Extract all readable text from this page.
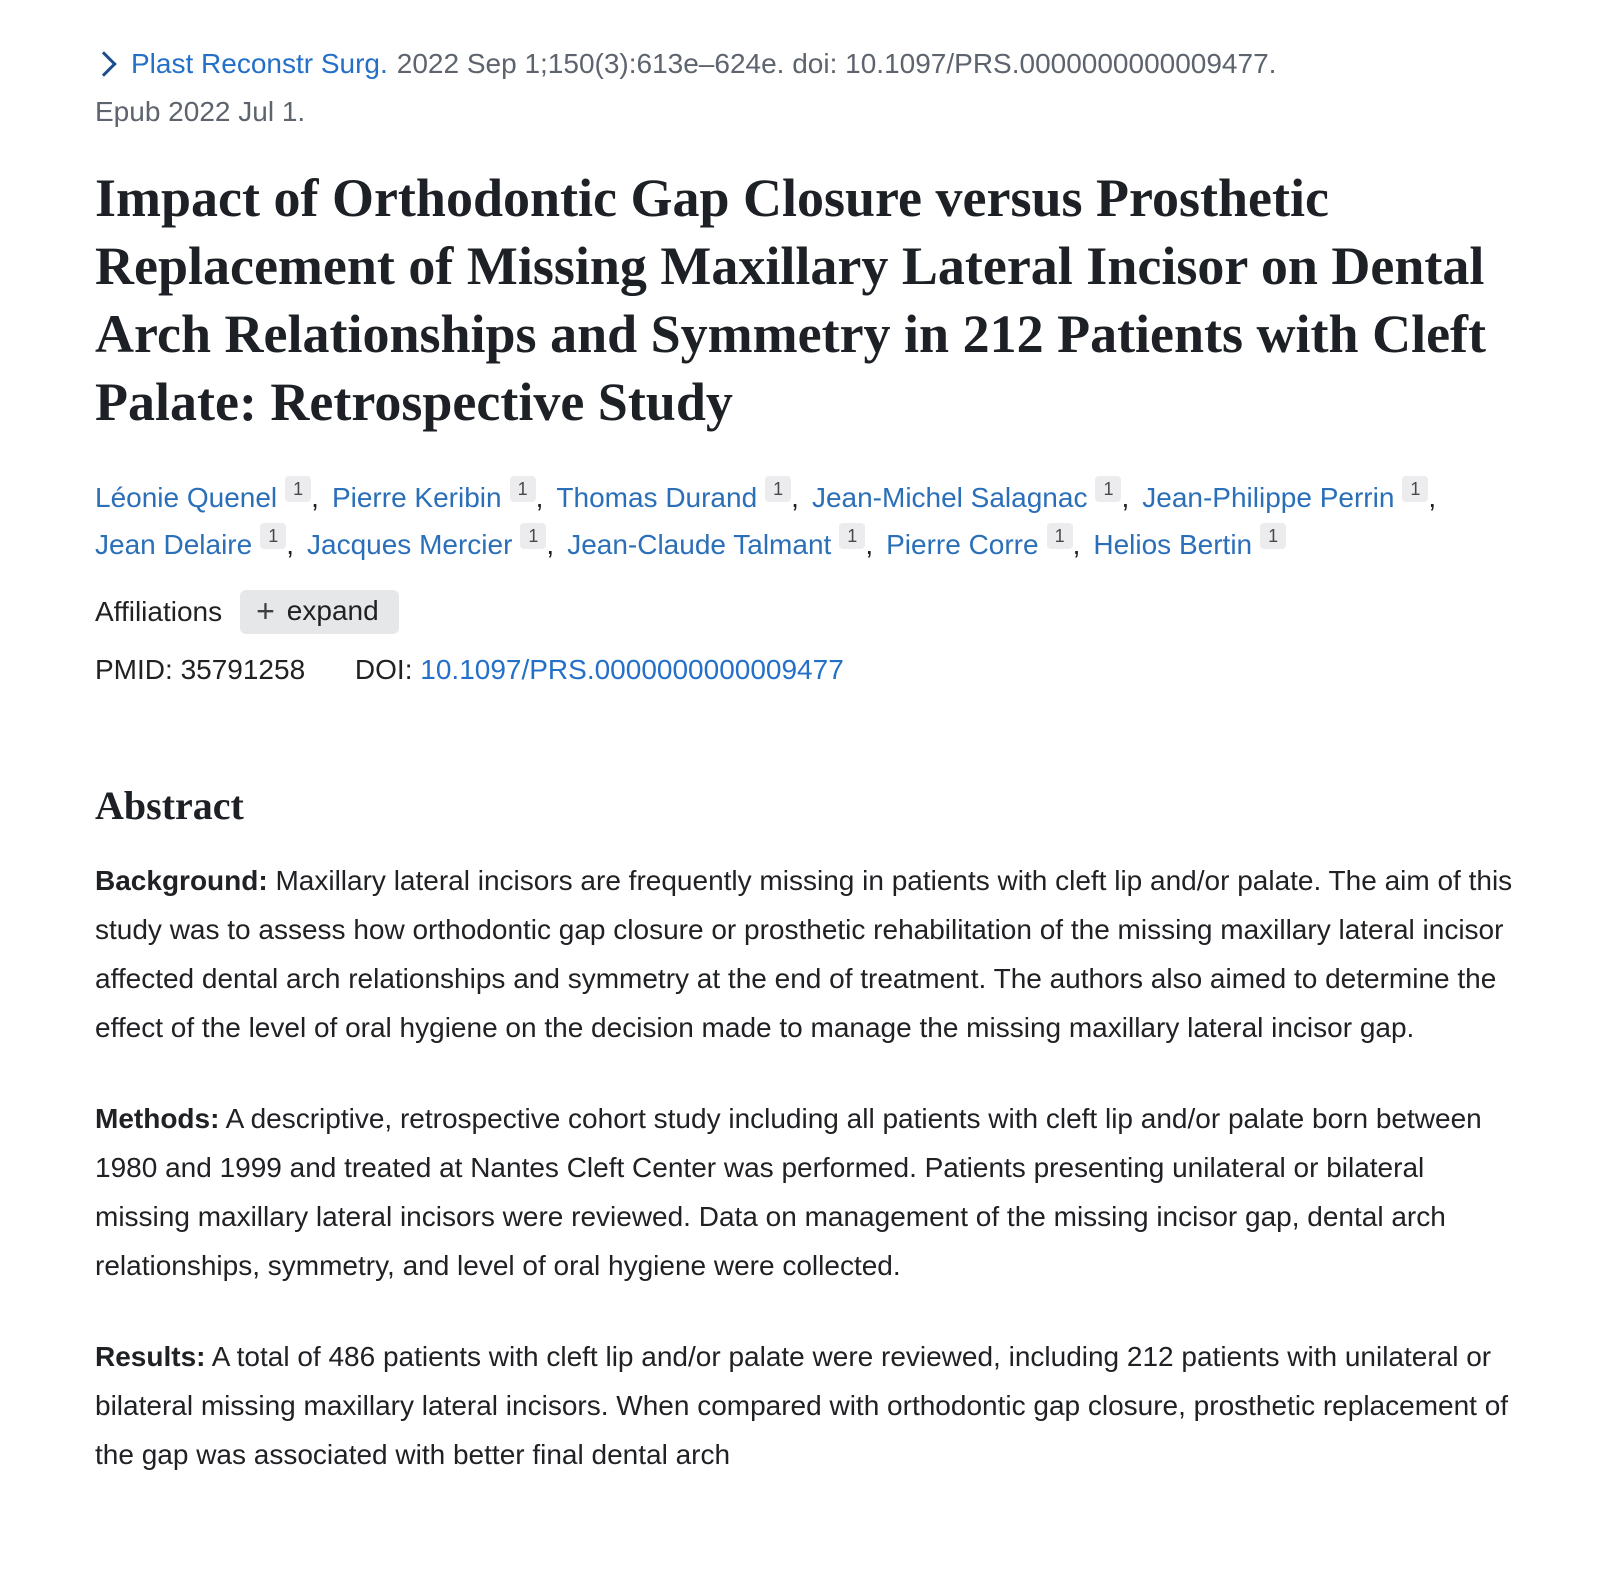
Plast Reconstr Surg. 2022 Sep 1;150(3):613e–624e. doi: 10.1097/PRS.0000000000009477.
Epub 2022 Jul 1.
Impact of Orthodontic Gap Closure versus Prosthetic Replacement of Missing Maxillary Lateral Incisor on Dental Arch Relationships and Symmetry in 212 Patients with Cleft Palate: Retrospective Study
Léonie Quenel 1 , Pierre Keribin 1 , Thomas Durand 1 , Jean-Michel Salagnac 1 , Jean-Philippe Perrin 1 ,Jean Delaire 1 , Jacques Mercier 1 , Jean-Claude Talmant 1 , Pierre Corre 1 , Helios Bertin 1
Affiliations + expand
PMID: 35791258 DOI: 10.1097/PRS.0000000000009477
Abstract

Background: Maxillary lateral incisors are frequently missing in patients with cleft lip and/or palate. The aim of this study was to assess how orthodontic gap closure or prosthetic rehabilitation of the missing maxillary lateral incisor affected dental arch relationships and symmetry at the end of treatment. The authors also aimed to determine the effect of the level of oral hygiene on the decision made to manage the missing maxillary lateral incisor gap.

Methods: A descriptive, retrospective cohort study including all patients with cleft lip and/or palate born between 1980 and 1999 and treated at Nantes Cleft Center was performed. Patients presenting unilateral or bilateral missing maxillary lateral incisors were reviewed. Data on management of the missing incisor gap, dental arch relationships, symmetry, and level of oral hygiene were collected.

Results: A total of 486 patients with cleft lip and/or palate were reviewed, including 212 patients with unilateral or bilateral missing maxillary lateral incisors. When compared with orthodontic gap closure, prosthetic replacement of the gap was associated with better final dental arch
